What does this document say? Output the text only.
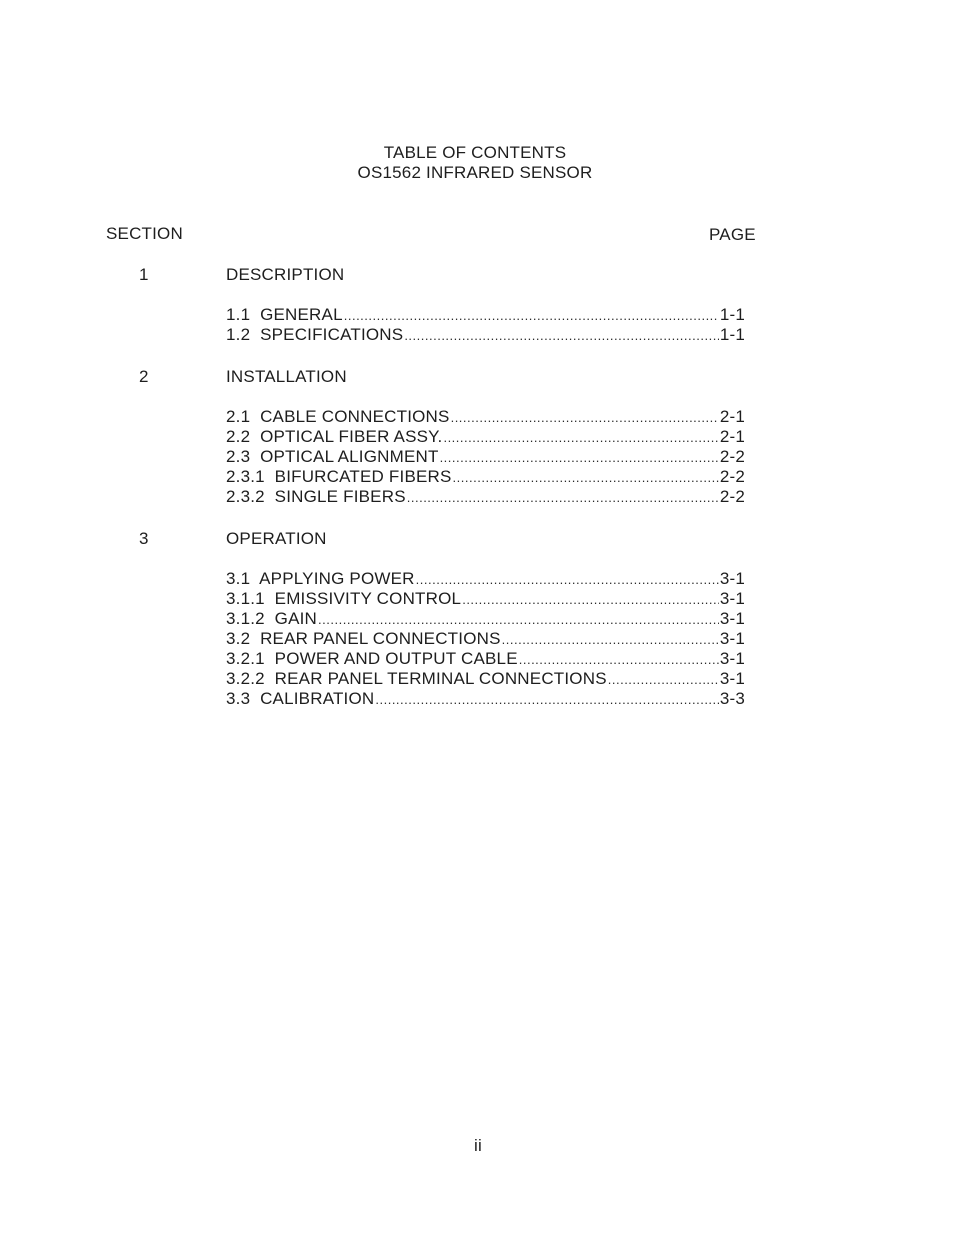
TABLE OF CONTENTS
OS1562 INFRARED SENSOR
SECTION	PAGE
1	DESCRIPTION
1.1  GENERAL .....	1-1
1.2  SPECIFICATIONS .....	1-1
2	INSTALLATION
2.1  CABLE CONNECTIONS .....	2-1
2.2  OPTICAL FIBER ASSY. .....	2-1
2.3  OPTICAL ALIGNMENT .....	2-2
2.3.1  BIFURCATED FIBERS .....	2-2
2.3.2  SINGLE FIBERS .....	2-2
3	OPERATION
3.1  APPLYING POWER .....	3-1
3.1.1  EMISSIVITY CONTROL .....	3-1
3.1.2  GAIN .....	3-1
3.2  REAR PANEL CONNECTIONS .....	3-1
3.2.1  POWER AND OUTPUT CABLE .....	3-1
3.2.2  REAR PANEL TERMINAL CONNECTIONS .....	3-1
3.3  CALIBRATION .....	3-3
ii
